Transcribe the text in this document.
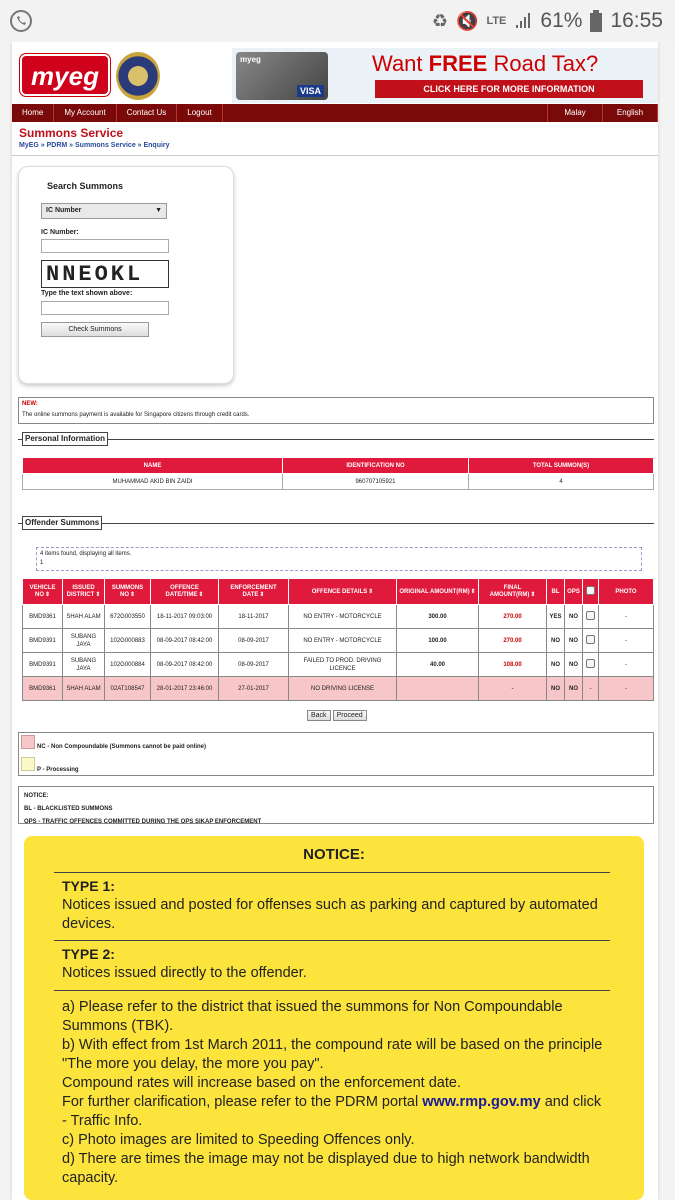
♻ 🔇 LTE 61% 16:55
myeg
myeg
VISA
Want FREE Road Tax?
CLICK HERE FOR MORE INFORMATION
Home	My Account	Contact Us	Logout	Malay	English
Summons Service
MyEG » PDRM » Summons Service » Enquiry
Search Summons
IC Number	▼
IC Number:
NNEOKL
Type the text shown above:
Check Summons
NEW:
The online summons payment is available for Singapore citizens through credit cards.
Personal Information
NAME	IDENTIFICATION NO	TOTAL SUMMON(S)
MUHAMMAD AKID BIN ZAIDI	960707105921	4
Offender Summons
4 items found, displaying all items.
1
VEHICLE NO⇕	ISSUED DISTRICT⇕	SUMMONS NO⇕	OFFENCE DATE/TIME⇕	ENFORCEMENT DATE⇕	OFFENCE DETAILS⇕	ORIGINAL AMOUNT(RM)⇕	FINAL AMOUNT(RM)⇕	BL	OPS		PHOTO
BMD9361	SHAH ALAM	672G003550	18-11-2017 09:03:00	18-11-2017	NO ENTRY - MOTORCYCLE	300.00	270.00	YES	NO		-
BMD9391	SUBANG JAYA	102G000883	08-09-2017 08:42:00	08-09-2017	NO ENTRY - MOTORCYCLE	100.00	270.00	NO	NO		-
BMD9391	SUBANG JAYA	102G000884	08-09-2017 08:42:00	08-09-2017	FAILED TO PROD. DRIVING LICENCE	40.00	108.00	NO	NO		-
BMD9361	SHAH ALAM	02AT108547	28-01-2017 23:46:00	27-01-2017	NO DRIVING LICENSE		-	NO	NO	-	-
Back	Proceed
NC - Non Compoundable (Summons cannot be paid online)
P - Processing
NOTICE:
BL - BLACKLISTED SUMMONS
OPS - TRAFFIC OFFENCES COMMITTED DURING THE OPS SIKAP ENFORCEMENT
NOTICE:
TYPE 1:
Notices issued and posted for offenses such as parking and captured by automated devices.
TYPE 2:
Notices issued directly to the offender.
a) Please refer to the district that issued the summons for Non Compoundable Summons (TBK).
b) With effect from 1st March 2011, the compound rate will be based on the principle "The more you delay, the more you pay".
Compound rates will increase based on the enforcement date.
For further clarification, please refer to the PDRM portal www.rmp.gov.my and click - Traffic Info.
c) Photo images are limited to Speeding Offences only.
d) There are times the image may not be displayed due to high network bandwidth capacity.
